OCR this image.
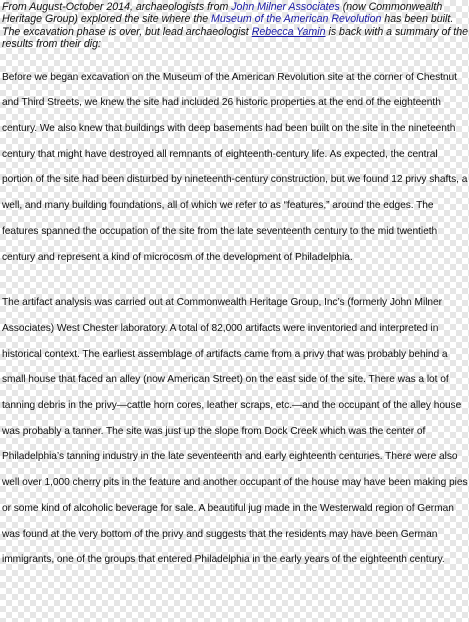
From August-October 2014, archaeologists from John Milner Associates (now Commonwealth Heritage Group) explored the site where the Museum of the American Revolution has been built. The excavation phase is over, but lead archaeologist Rebecca Yamin is back with a summary of the results from their dig:

Before we began excavation on the Museum of the American Revolution site at the corner of Chestnut and Third Streets, we knew the site had included 26 historic properties at the end of the eighteenth century. We also knew that buildings with deep basements had been built on the site in the nineteenth century that might have destroyed all remnants of eighteenth-century life. As expected, the central portion of the site had been disturbed by nineteenth-century construction, but we found 12 privy shafts, a well, and many building foundations, all of which we refer to as “features,” around the edges. The features spanned the occupation of the site from the late seventeenth century to the mid twentieth century and represent a kind of microcosm of the development of Philadelphia.

The artifact analysis was carried out at Commonwealth Heritage Group, Inc’s (formerly John Milner Associates) West Chester laboratory. A total of 82,000 artifacts were inventoried and interpreted in historical context. The earliest assemblage of artifacts came from a privy that was probably behind a small house that faced an alley (now American Street) on the east side of the site. There was a lot of tanning debris in the privy—cattle horn cores, leather scraps, etc.—and the occupant of the alley house was probably a tanner. The site was just up the slope from Dock Creek which was the center of Philadelphia’s tanning industry in the late seventeenth and early eighteenth centuries. There were also well over 1,000 cherry pits in the feature and another occupant of the house may have been making pies or some kind of alcoholic beverage for sale. A beautiful jug made in the Westerwald region of German was found at the very bottom of the privy and suggests that the residents may have been German immigrants, one of the groups that entered Philadelphia in the early years of the eighteenth century.
